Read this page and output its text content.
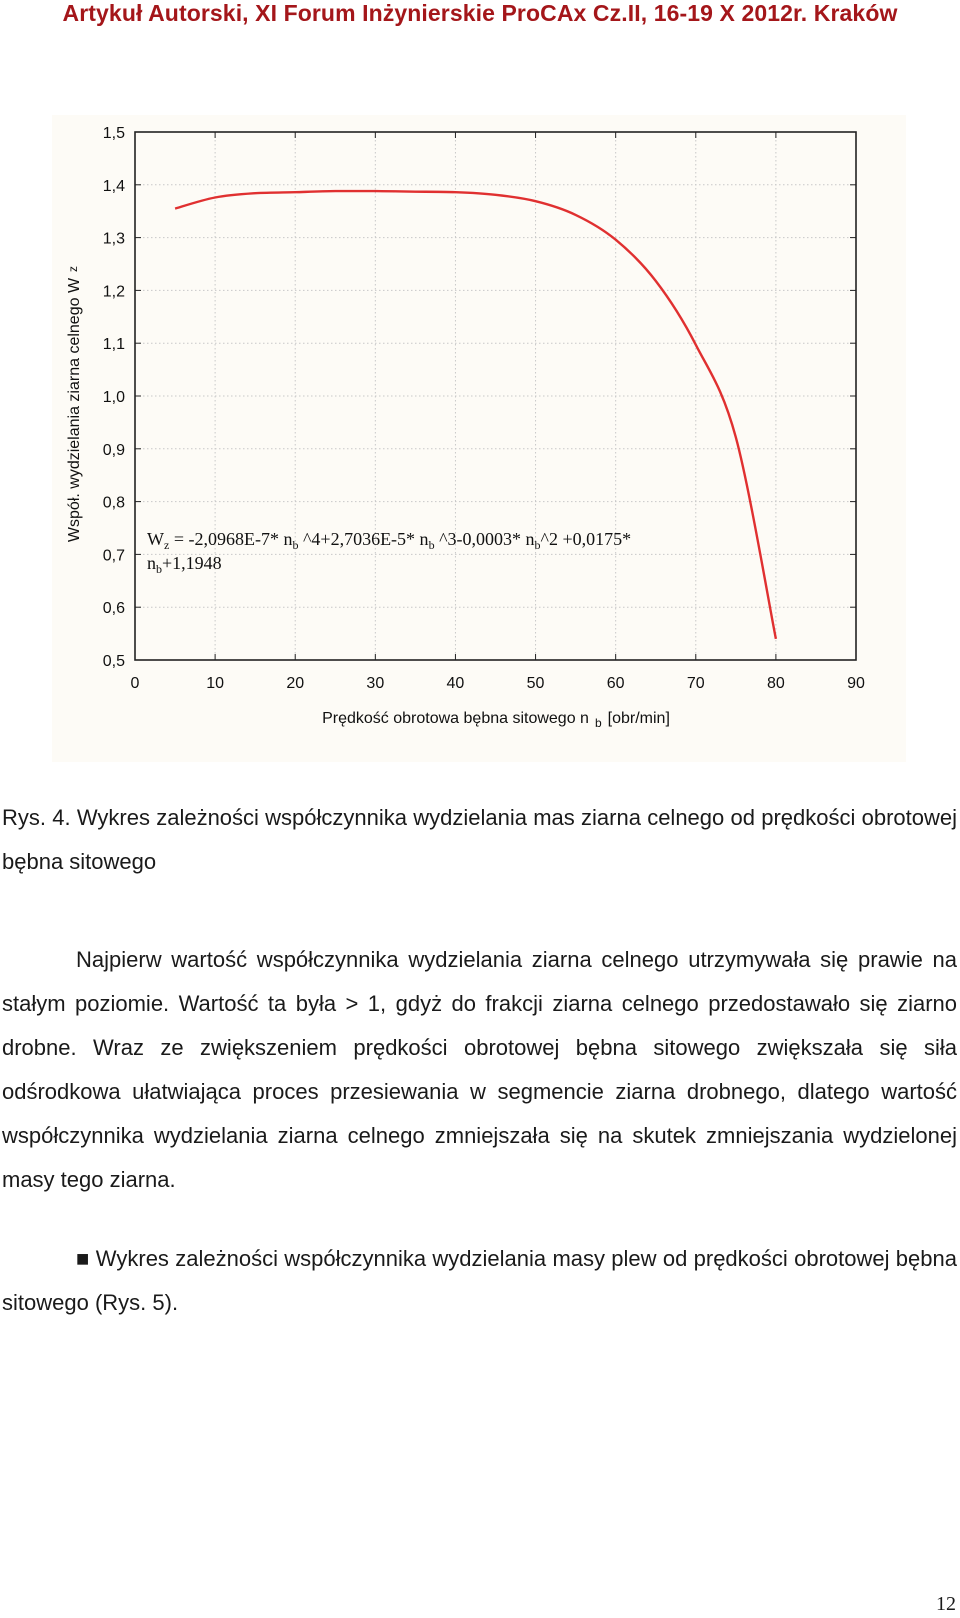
Artykuł Autorski, XI Forum Inżynierskie ProCAx Cz.II, 16-19 X 2012r. Kraków
0	10	20	30	40	50	60	70	80	90
0,5
0,6
0,7
0,8
0,9
1,0
1,1
1,2
1,3
1,4
1,5
$W_z = -2,0968E-7*$ $n_b$ ^4+2,7036E-5* $n_b$ ^3-0,0003* $n_b\^{}2 +0,0175*$
$n_b+1,1948$
Prędkość obrotowa bębna sitowego n $_b$ [obr/min]
Współ. wydzielania ziarna celnego Wz
Rys. 4. Wykres zależności współczynnika wydzielania mas ziarna celnego od prędkości obrotowej bębna sitowego
Najpierw wartość współczynnika wydzielania ziarna celnego utrzymywała się prawie na stałym poziomie. Wartość ta była > 1, gdyż do frakcji ziarna celnego przedostawało się ziarno drobne. Wraz ze zwiększeniem prędkości obrotowej bębna sitowego zwiększała się siła odśrodkowa ułatwiająca proces przesiewania w segmencie ziarna drobnego, dlatego wartość współczynnika wydzielania ziarna celnego zmniejszała się na skutek zmniejszania wydzielonej masy tego ziarna.
■ Wykres zależności współczynnika wydzielania masy plew od prędkości obrotowej bębna sitowego (Rys. 5).
12
